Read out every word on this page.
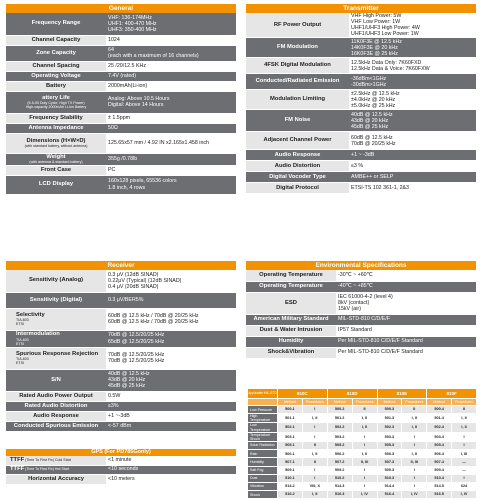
General
Frequency Range	VHF: 136-174MHz
UHF1: 400-470 MHz
UHF3: 350-400 MHz
Channel Capacity	1024
Zone Capacity	64
(each with a maximum of 16 channels)
Channel Spacing	25 /20/12.5 KHz
Operating Voltage	7.4V (rated)
Battery	2000mAh(Li-ion)
attery Life
(5-5-90 Duty Cycle, High TX Power)
High-capacity 2000mAh Li-Ion Battery	Analog: Above 10.5 Hours
Digital: Above 14 Hours
Frequency Stability	± 1.5ppm
Antenna Impedance	50Ω
Dimensions (H×W×D)
(with standard battery, without antenna)	125.65x57 mm / 4.92 IN x2.165x1.458 inch
Weight
(with antenna & standard battery)	355g /0.78lb
Front Case	PC
LCD Display	160x128 pixels, 65536 colors
1.8 inch, 4 rows
Receiver
Sensitivity (Analog)	0.3 μV (12dB SINAD)
0.22μV (Typical) (12dB SINAD)
0.4 μV (20dB SINAD)
Sensitivity (Digital)	0.3 μV/BER5%
Selectivity
TIA-603
ETSI	60dB @ 12.5 kHz / 70dB @ 20/25 kHz
60dB @ 12.5 kHz / 70dB @ 20/25 kHz
Intermodulation
TIA-603
ETSI	70dB @ 12.5/20/25 kHz
65dB @ 12.5/20/25 kHz
Spurious Response Rejection
TIA-603
ETSI	70dB @ 12.5/20/25 kHz
70dB @ 12.5/20/25 kHz
S/N	40dB @ 12.5 kHz
43dB @ 20 kHz
45dB @ 25 kHz
Rated Audio Power Output	0.5W
Rated Audio Distortion	≤3%
Audio Response	+1 ~-3dB
Conducted Spurious Emission	<-57 dBm
GPS (For PD785Gonly)
TTFF (Time To First Fix) Cold Start	<1 minute
TTFF (Time To First Fix) Hot Start	<10 seconds
Horizontal Accuracy	<10 meters
Transmitter
RF Power Output	VHF High Power: 5W
VHF Low Power: 1W
UHF1/UHF3 High Power: 4W
UHF1/UHF3 Low Power: 1W
FM Modulation	11K0F3E @ 12.5 kHz
14K0F3E @ 20 kHz
16K0F3E @ 25 kHz
4FSK Digital Modulation	12.5kHz Data Only: 7K60FXD
12.5kHz Data & Voice: 7K60FXW
Conducted/Radiated Emission	-36dBm<1GHz
-30dBm>1GHz
Modulation Limiting	±2.5kHz @ 12.5 kHz
±4.0kHz @ 20 kHz
±5.0kHz @ 25 kHz
FM Noise	40dB @ 12.5 kHz
43dB @ 20 kHz
45dB @ 25 kHz
Adjacent Channel Power	60dB @ 12.5 kHz
70dB @ 20/25 kHz
Audio Response	+1 ~ -3dB
Audio Distortion	≤3 %
Digital Vocoder Type	AMBE++ or SELP
Digital Protocol	ETSI-TS 102 361-1, 2&3
Environmental Specifications
Operating Temperature	-30℃ ~ +60℃
Operating Temperature	-40℃ ~ +85℃
ESD	IEC 61000-4-2 (level 4)
8kV (contact)
15kV (air)
American Military Standard	MIL-STD-810 C/D/E/F
Dust & Water Intrusion	IP57 Standard
Humidity	Per MIL-STD-810 C/D/E/F Standard
Shock&Vibration	Per MIL-STD-810 C/D/E/F Standard
Applicable MIL-STD	810C		810D		810E		810F	
	Method	Procedures	Method	Procedures	Method	Procedures	Method	Procedures
Low Pressure	500.1	I	500.2	II	500.3	II	500.4	II
High Temperature	501.1	I, II	501.2	I, II	501.3	I, II	501.4	I, II
Low Temperature	502.1	I	502.2	I, II	502.3	I, II	502.4	I, II
Temperature Shock	503.1	I	503.2	I	503.3	I	503.4	I
Solar Radiation	505.1	II	505.2	I	505.3	I	505.4	I
Rain	506.1	I, II	506.2	I, II	506.3	I, II	506.4	I, III
Humidity	507.1	II	507.2	II, III	507.3	II, III	507.4	—
Salt Fog	509.1	I	509.2	I	509.3	I	509.4	—
Dust	510.1	I	510.2	I	510.3	I	510.4	I
Vibration	514.2	VIII, X	514.3	I	514.4	I	514.5	I/24
Shock	516.2	I, II	516.3	I, IV	516.4	I, IV	516.5	I, IV
